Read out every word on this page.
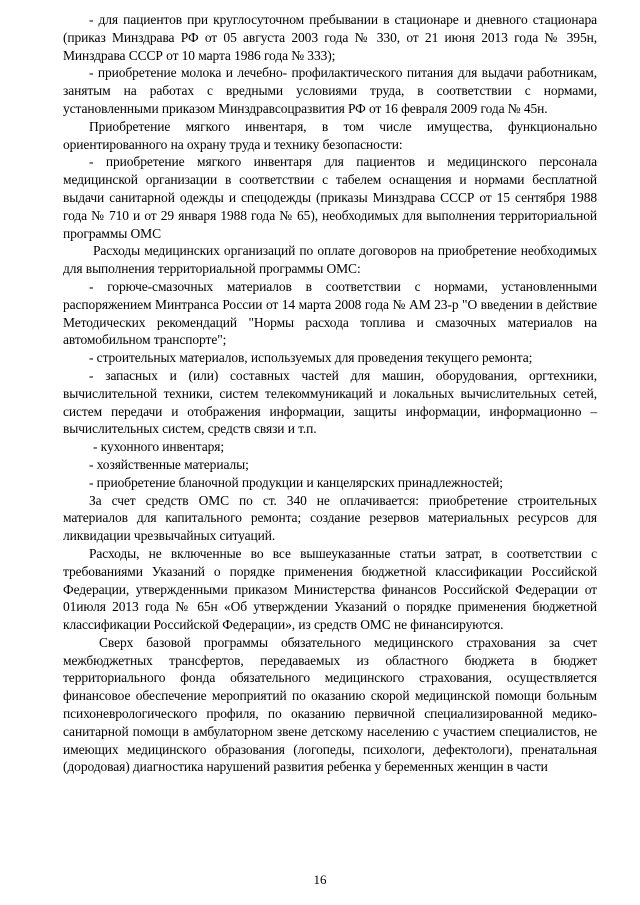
- для пациентов при круглосуточном пребывании в стационаре и дневного стационара (приказ Минздрава РФ от 05 августа 2003 года № 330, от 21 июня 2013 года № 395н, Минздрава СССР от 10 марта 1986 года № 333);

- приобретение молока и лечебно- профилактического питания для выдачи работникам, занятым на работах с вредными условиями труда, в соответствии с нормами, установленными приказом Минздравсоцразвития РФ от 16 февраля 2009 года № 45н.

Приобретение мягкого инвентаря, в том числе имущества, функционально ориентированного на охрану труда и технику безопасности:

- приобретение мягкого инвентаря для пациентов и медицинского персонала медицинской организации в соответствии с табелем оснащения и нормами бесплатной выдачи санитарной одежды и спецодежды (приказы Минздрава СССР от 15 сентября 1988 года № 710 и от 29 января 1988 года № 65), необходимых для выполнения территориальной программы ОМС

Расходы медицинских организаций по оплате договоров на приобретение необходимых для выполнения территориальной программы ОМС:

- горюче-смазочных материалов в соответствии с нормами, установленными распоряжением Минтранса России от 14 марта 2008 года № АМ 23-р "О введении в действие Методических рекомендаций "Нормы расхода топлива и смазочных материалов на автомобильном транспорте";

- строительных материалов, используемых для проведения текущего ремонта;

- запасных и (или) составных частей для машин, оборудования, оргтехники, вычислительной техники, систем телекоммуникаций и локальных вычислительных сетей, систем передачи и отображения информации, защиты информации, информационно – вычислительных систем, средств связи и т.п.

- кухонного инвентаря;

- хозяйственные материалы;

- приобретение бланочной продукции и канцелярских принадлежностей;

За счет средств ОМС по ст. 340 не оплачивается: приобретение строительных материалов для капитального ремонта; создание резервов материальных ресурсов для ликвидации чрезвычайных ситуаций.

Расходы, не включенные во все вышеуказанные статьи затрат, в соответствии с требованиями Указаний о порядке применения бюджетной классификации Российской Федерации, утвержденными приказом Министерства финансов Российской Федерации от 01июля 2013 года № 65н «Об утверждении Указаний о порядке применения бюджетной классификации Российской Федерации», из средств ОМС не финансируются.

Сверх базовой программы обязательного медицинского страхования за счет межбюджетных трансфертов, передаваемых из областного бюджета в бюджет территориального фонда обязательного медицинского страхования, осуществляется финансовое обеспечение мероприятий по оказанию скорой медицинской помощи больным психоневрологического профиля, по оказанию первичной специализированной медико-санитарной помощи в амбулаторном звене детскому населению с участием специалистов, не имеющих медицинского образования (логопеды, психологи, дефектологи), пренатальная (дородовая) диагностика нарушений развития ребенка у беременных женщин в части

16
